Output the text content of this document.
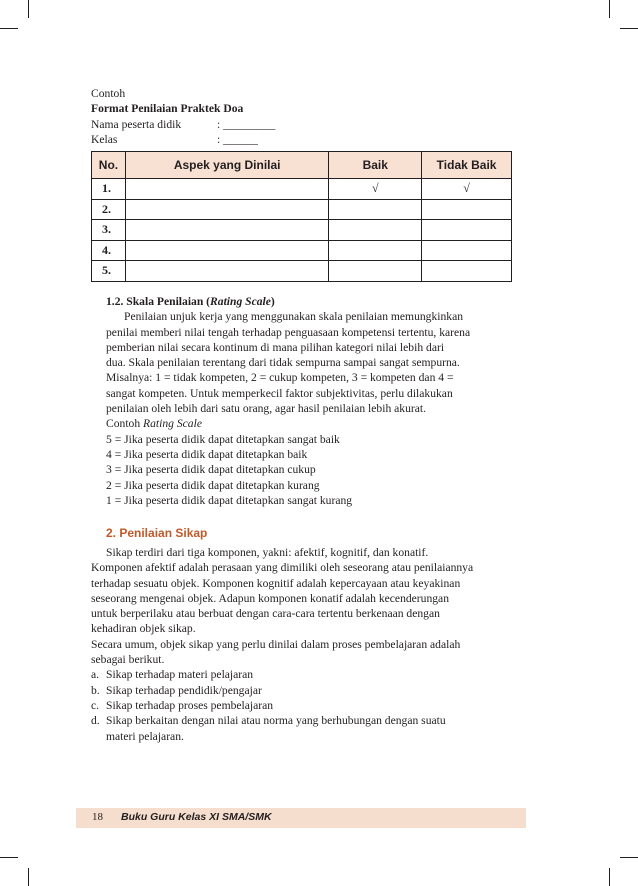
Contoh
Format Penilaian Praktek Doa
Nama peserta didik	: _________
Kelas	: ______
No.	Aspek yang Dinilai	Baik	Tidak Baik
1.		√	√
2.			
3.			
4.			
5.			
1.2. Skala Penilaian (Rating Scale)
Penilaian unjuk kerja yang menggunakan skala penilaian memungkinkan
penilai memberi nilai tengah terhadap penguasaan kompetensi tertentu, karena
pemberian nilai secara kontinum di mana pilihan kategori nilai lebih dari
dua. Skala penilaian terentang dari tidak sempurna sampai sangat sempurna.
Misalnya: 1 = tidak kompeten, 2 = cukup kompeten, 3 = kompeten dan 4 =
sangat kompeten. Untuk memperkecil faktor subjektivitas, perlu dilakukan
penilaian oleh lebih dari satu orang, agar hasil penilaian lebih akurat.
Contoh Rating Scale
5 = Jika peserta didik dapat ditetapkan sangat baik
4 = Jika peserta didik dapat ditetapkan baik
3 = Jika peserta didik dapat ditetapkan cukup
2 = Jika peserta didik dapat ditetapkan kurang
1 = Jika peserta didik dapat ditetapkan sangat kurang
2. Penilaian Sikap
Sikap terdiri dari tiga komponen, yakni: afektif, kognitif, dan konatif.
Komponen afektif adalah perasaan yang dimiliki oleh seseorang atau penilaiannya
terhadap sesuatu objek. Komponen kognitif adalah kepercayaan atau keyakinan
seseorang mengenai objek. Adapun komponen konatif adalah kecenderungan
untuk berperilaku atau berbuat dengan cara-cara tertentu berkenaan dengan
kehadiran objek sikap.
Secara umum, objek sikap yang perlu dinilai dalam proses pembelajaran adalah
sebagai berikut.
a. Sikap terhadap materi pelajaran
b. Sikap terhadap pendidik/pengajar
c. Sikap terhadap proses pembelajaran
d. Sikap berkaitan dengan nilai atau norma yang berhubungan dengan suatu
materi pelajaran.
18 Buku Guru Kelas XI SMA/SMK
